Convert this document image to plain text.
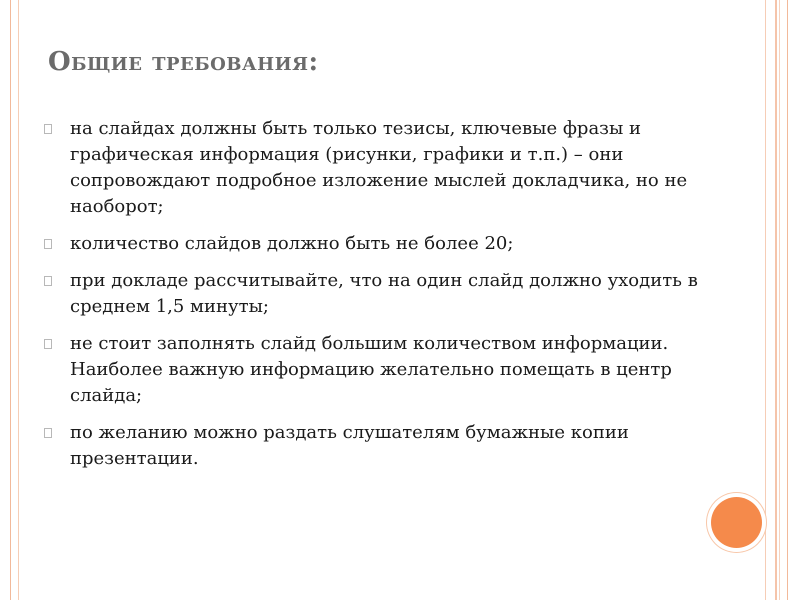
Общие требования:
на слайдах должны быть только тезисы, ключевые фразы и графическая информация (рисунки, графики и т.п.) – они сопровождают подробное изложение мыслей докладчика, но не наоборот;
количество слайдов должно быть не более 20;
при докладе рассчитывайте, что на один слайд должно уходить в среднем 1,5 минуты;
не стоит заполнять слайд большим количеством информации. Наиболее важную информацию желательно помещать в центр слайда;
по желанию можно раздать слушателям бумажные копии презентации.
